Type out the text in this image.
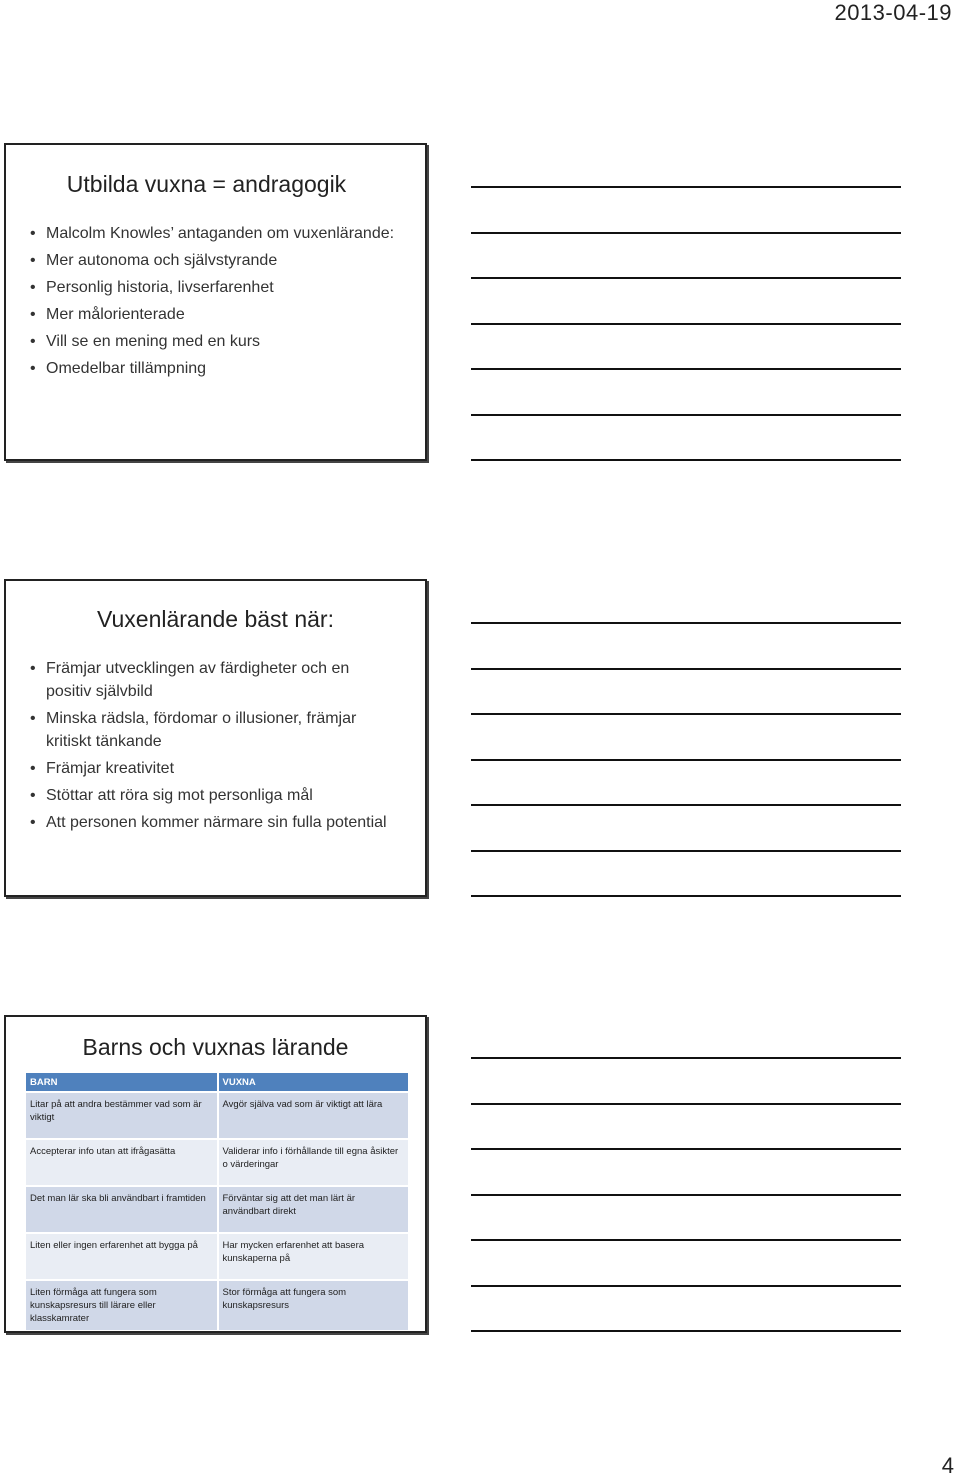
2013-04-19
Utbilda vuxna = andragogik
• Malcolm Knowles’ antaganden om vuxenlärande:
• Mer autonoma och självstyrande
• Personlig historia, livserfarenhet
• Mer målorienterade
• Vill se en mening med en kurs
• Omedelbar tillämpning
Vuxenlärande bäst när:
• Främjar utvecklingen av färdigheter och en positiv självbild
• Minska rädsla, fördomar o illusioner, främjar kritiskt tänkande
• Främjar kreativitet
• Stöttar att röra sig mot personliga mål
• Att personen kommer närmare sin fulla potential
Barns och vuxnas lärande
BARN	VUXNA
Litar på att andra bestämmer vad som är viktigt	Avgör själva vad som är viktigt att lära
Accepterar info utan att ifrågasätta	Validerar info i förhållande till egna åsikter o värderingar
Det man lär ska bli användbart i framtiden	Förväntar sig att det man lärt är användbart direkt
Liten eller ingen erfarenhet att bygga på	Har mycken erfarenhet att basera kunskaperna på
Liten förmåga att fungera som kunskapsresurs till lärare eller klasskamrater	Stor förmåga att fungera som kunskapsresurs
4
